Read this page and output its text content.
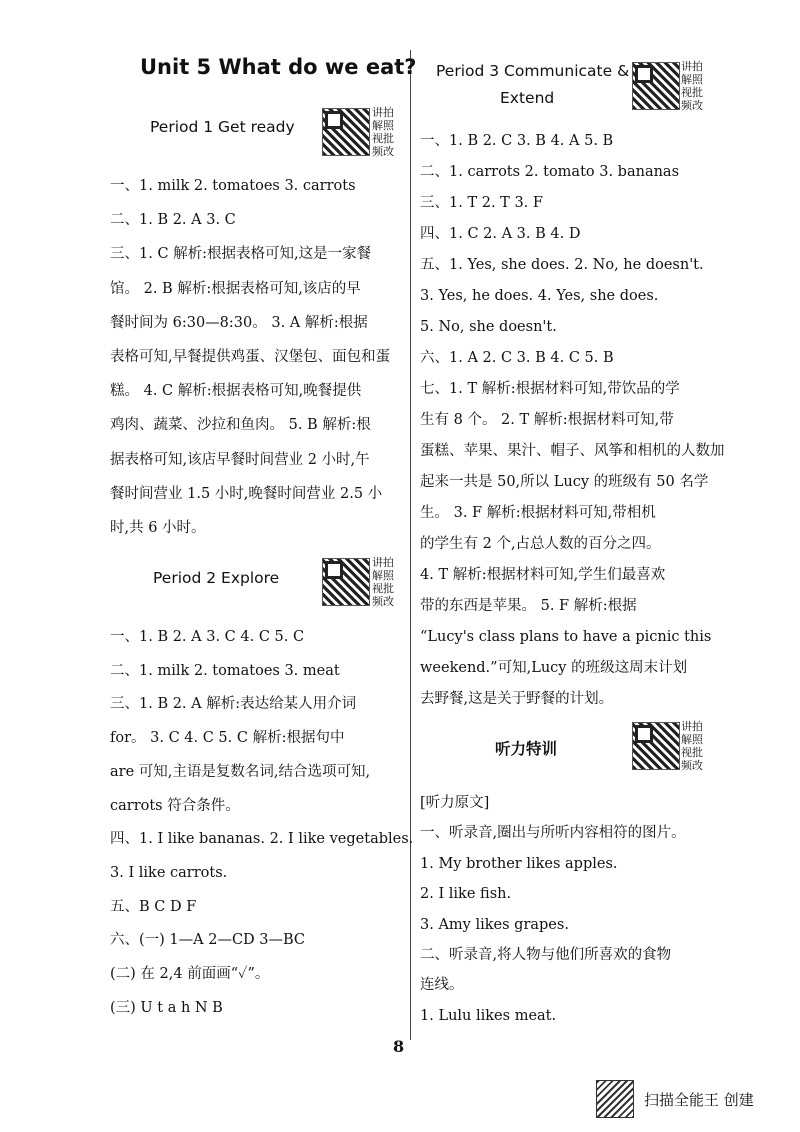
Unit 5 What do we eat?
Period 1 Get ready
讲拍解照视批频改
一、1. milk 2. tomatoes 3. carrots
二、1. B 2. A 3. C
三、1. C 解析:根据表格可知,这是一家餐
馆。 2. B 解析:根据表格可知,该店的早
餐时间为 6:30—8:30。 3. A 解析:根据
表格可知,早餐提供鸡蛋、汉堡包、面包和蛋
糕。 4. C 解析:根据表格可知,晚餐提供
鸡肉、蔬菜、沙拉和鱼肉。 5. B 解析:根
据表格可知,该店早餐时间营业 2 小时,午
餐时间营业 1.5 小时,晚餐时间营业 2.5 小
时,共 6 小时。
Period 2 Explore
讲拍解照视批频改
一、1. B 2. A 3. C 4. C 5. C
二、1. milk 2. tomatoes 3. meat
三、1. B 2. A 解析:表达给某人用介词
for。 3. C 4. C 5. C 解析:根据句中
are 可知,主语是复数名词,结合选项可知,
carrots 符合条件。
四、1. I like bananas. 2. I like vegetables.
3. I like carrots.
五、B C D F
六、(一) 1—A 2—CD 3—BC
(二) 在 2,4 前面画“✓”。
(三) U t a h N B
Period 3 Communicate &
Extend
讲拍解照视批频改
一、1. B 2. C 3. B 4. A 5. B
二、1. carrots 2. tomato 3. bananas
三、1. T 2. T 3. F
四、1. C 2. A 3. B 4. D
五、1. Yes, she does. 2. No, he doesn't.
3. Yes, he does. 4. Yes, she does.
5. No, she doesn't.
六、1. A 2. C 3. B 4. C 5. B
七、1. T 解析:根据材料可知,带饮品的学
生有 8 个。 2. T 解析:根据材料可知,带
蛋糕、苹果、果汁、帽子、风筝和相机的人数加
起来一共是 50,所以 Lucy 的班级有 50 名学
生。 3. F 解析:根据材料可知,带相机
的学生有 2 个,占总人数的百分之四。
4. T 解析:根据材料可知,学生们最喜欢
带的东西是苹果。 5. F 解析:根据
“Lucy's class plans to have a picnic this
weekend.”可知,Lucy 的班级这周末计划
去野餐,这是关于野餐的计划。
听力特训
讲拍解照视批频改
[听力原文]
一、听录音,圈出与所听内容相符的图片。
1. My brother likes apples.
2. I like fish.
3. Amy likes grapes.
二、听录音,将人物与他们所喜欢的食物
连线。
1. Lulu likes meat.
8
扫描全能王 创建
